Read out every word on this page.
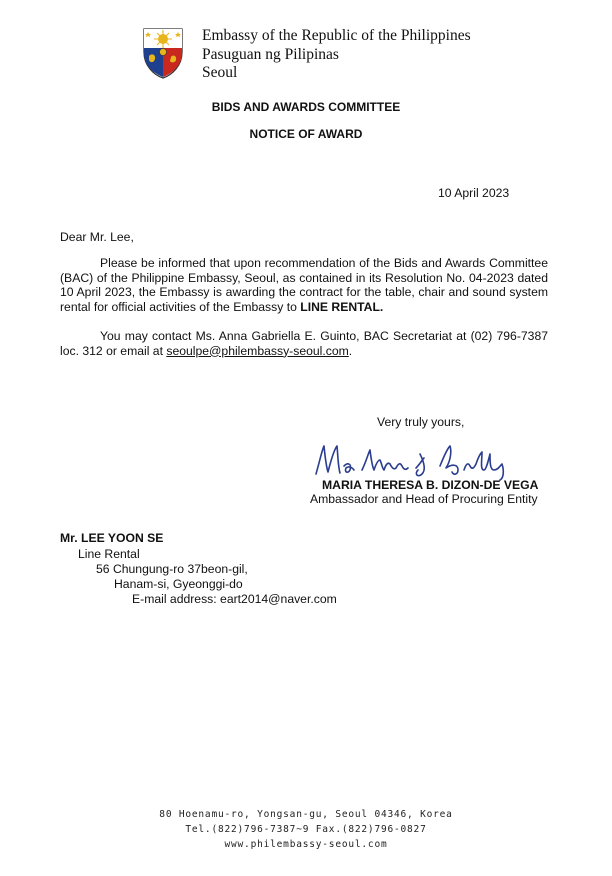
Embassy of the Republic of the Philippines
Pasuguan ng Pilipinas
Seoul
BIDS AND AWARDS COMMITTEE
NOTICE OF AWARD
10 April 2023
Dear Mr. Lee,
Please be informed that upon recommendation of the Bids and Awards Committee (BAC) of the Philippine Embassy, Seoul, as contained in its Resolution No. 04-2023 dated 10 April 2023, the Embassy is awarding the contract for the table, chair and sound system rental for official activities of the Embassy to LINE RENTAL.
You may contact Ms. Anna Gabriella E. Guinto, BAC Secretariat at (02) 796-7387 loc. 312 or email at seoulpe@philembassy-seoul.com.
Very truly yours,
MARIA THERESA B. DIZON-DE VEGA
Ambassador and Head of Procuring Entity
Mr. LEE YOON SE
Line Rental
56 Chungung-ro 37beon-gil,
Hanam-si, Gyeonggi-do
E-mail address: eart2014@naver.com
80 Hoenamu-ro, Yongsan-gu, Seoul 04346, Korea
Tel.(822)796-7387~9 Fax.(822)796-0827
www.philembassy-seoul.com
